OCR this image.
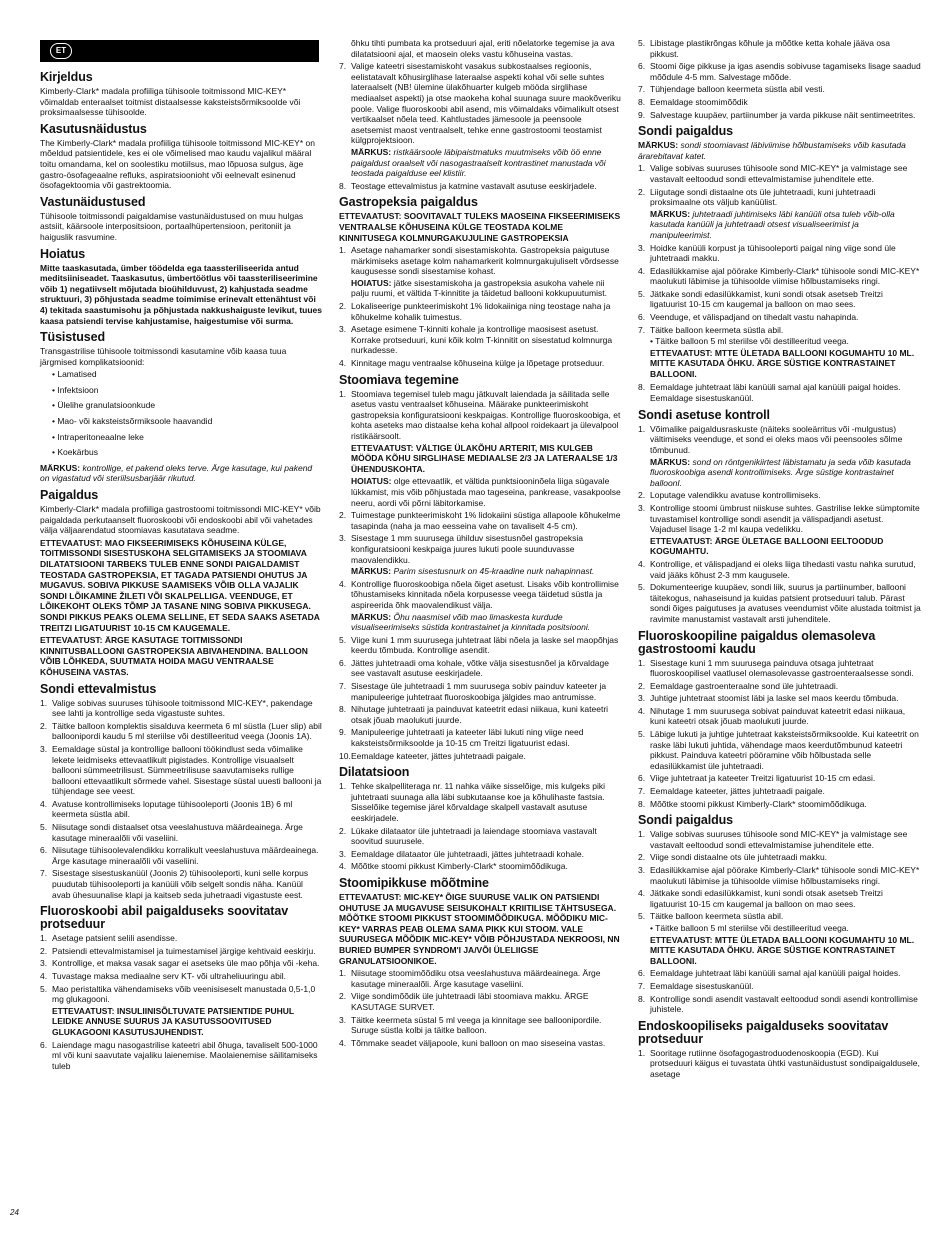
ET
Kirjeldus

Kimberly-Clark* madala profiiliga tühisoole toitmissond MIC-KEY* võimaldab enteraalset toitmist distaalsesse kaksteistsõrmiksoolde või proksimaalsesse tühisoolde.

Kasutusnäidustus

The Kimberly-Clark* madala profiiliga tühisoole toitmissond MIC-KEY* on mõeldud patsientidele, kes ei ole võimelised mao kaudu vajalikul määral toitu omandama, kel on soolestiku motiilsus, mao lõpuosa sulgus, äge gastro-ösofageaalne refluks, aspiratsioonioht või eelnevalt esinenud ösofagektoomia või gastrektoomia.

Vastunäidustused

Tühisoole toitmissondi paigaldamise vastunäidustused on muu hulgas astsiit, käärsoole interpositsioon, portaalhüpertensioon, peritoniit ja haiguslik rasvumine.

Hoiatus

Mitte taaskasutada, ümber töödelda ega taassteriliseerida antud meditsiiniseadet. Taaskasutus, ümbertöötlus või taassteriliseerimine võib 1) negatiivselt mõjutada bioühilduvust, 2) kahjustada seadme struktuuri, 3) põhjustada seadme toimimise erinevalt ettenähtust või 4) tekitada saastumisohu ja põhjustada nakkushaiguste levikut, tuues kaasa patsiendi tervise kahjustamise, haigestumise või surma.

Tüsistused

Transgastrilise tühisoole toitmissondi kasutamine võib kaasa tuua järgmised komplikatsioonid:

• Lamatised
• Infektsioon
• Ülelihe granulatsioonkude
• Mao- või kaksteistsõrmiksoole haavandid
• Intraperitoneaalne leke
• Koekärbus

MÄRKUS: kontrollige, et pakend oleks terve. Ärge kasutage, kui pakend on vigastatud või steriilsusbarjäär rikutud.

Paigaldus

Kimberly-Clark* madala profiiliga gastrostoomi toitmissondi MIC-KEY* võib paigaldada perkutaanselt fluoroskoobi või endoskoobi abil või vahetades välja väljaarendatud stoomiavas kasutatava seadme.

ETTEVAATUST: MAO FIKSEERIMISEKS KÕHUSEINA KÜLGE, TOITMISSONDI SISESTUSKOHA SELGITAMISEKS JA STOOMIAVA DILATATSIOONI TARBEKS TULEB ENNE SONDI PAIGALDAMIST TEOSTADA GASTROPEKSIA, ET TAGADA PATSIENDI OHUTUS JA MUGAVUS. SOBIVA PIKKUSE SAAMISEKS VÕIB OLLA VAJALIK SONDI LÕIKAMINE ŽILETI VÕI SKALPELLIGA. VEENDUGE, ET LÕIKEKOHT OLEKS TÕMP JA TASANE NING SOBIVA PIKKUSEGA. SONDI PIKKUS PEAKS OLEMA SELLINE, ET SEDA SAAKS ASETADA TREITZI LIGATUURIST 10-15 CM KAUGEMALE.

ETTEVAATUST: ÄRGE KASUTAGE TOITMISSONDI KINNITUSBALLOONI GASTROPEKSIA ABIVAHENDINA. BALLOON VÕIB LÕHKEDA, SUUTMATA HOIDA MAGU VENTRAALSE KÕHUSEINA VASTAS.

Sondi ettevalmistus
1. Valige sobivas suuruses tühisoole toitmissond MIC-KEY*, pakendage see lahti ja kontrollige seda vigastuste suhtes.
2. Täitke balloon komplektis sisalduva keermeta 6 ml süstla (Luer slip) abil balloonipordi kaudu 5 ml steriilse või destilleeritud veega (Joonis 1A).
3. Eemaldage süstal ja kontrollige ballooni töökindlust seda võimalike lekete leidmiseks ettevaatlikult pigistades. Kontrollige visuaalselt ballooni sümmeetrilisust. Sümmeetrilisuse saavutamiseks rullige ballooni ettevaatlikult sõrmede vahel. Sisestage süstal uuesti ballooni ja tühjendage see veest.
4. Avatuse kontrollimiseks loputage tühisooleporti (Joonis 1B) 6 ml keermeta süstla abil.
5. Niisutage sondi distaalset otsa veeslahustuva määrdeainega. Ärge kasutage mineraalõli või vaseliini.
6. Niisutage tühisoolevalendikku korralikult veeslahustuva määrdeainega. Ärge kasutage mineraalõli või vaseliini.
7. Sisestage sisestuskanüül (Joonis 2) tühisooleporti, kuni selle korpus puudutab tühisooleporti ja kanüüli võib selgelt sondis näha. Kanüül avab ühesuunalise klapi ja kaitseb seda juhetraadi vigastuste eest.
Fluoroskoobi abil paigalduseks soovitatav protseduur
1. Asetage patsient selili asendisse.
2. Patsiendi ettevalmistamisel ja tuimestamisel järgige kehtivaid eeskirju.
3. Kontrollige, et maksa vasak sagar ei asetseks üle mao põhja või -keha.
4. Tuvastage maksa mediaalne serv KT- või ultraheliuuringu abil.
5. Mao peristaltika vähendamiseks võib veenisiseselt manustada 0,5-1,0 mg glukagooni.
ETTEVAATUST: INSULIINISÕLTUVATE PATSIENTIDE PUHUL LEIDKE ANNUSE SUURUS JA KASUTUSSOOVITUSED GLUKAGOONI KASUTUSJUHENDIST.
6. Laiendage magu nasogastrilise kateetri abil õhuga, tavaliselt 500-1000 ml või kuni saavutate vajaliku laienemise. Maolaienemise säilitamiseks tuleb
õhku tihti pumbata ka protseduuri ajal, eriti nõelatorke tegemise ja ava dilatatsiooni ajal, et maosein oleks vastu kõhuseina vastas.
7. Valige kateetri sisestamiskoht vasakus subkostaalses regioonis, eelistatavalt kõhusirglihase lateraalse aspekti kohal või selle suhtes lateraalselt (NB! ülemine ülakõhuarter kulgeb mööda sirglihase mediaalset aspekti) ja otse maokeha kohal suunaga suure maokõveriku poole. Valige fluoroskoobi abil asend, mis võimaldaks võimalikult otsest vertikaalset nõela teed. Kahtlustades jämesoole ja peensoole asetsemist maost ventraalselt, tehke enne gastrostoomi teostamist külgprojektsioon.
MÄRKUS: ristkäärsoole läbipaistmatuks muutmiseks võib öö enne paigaldust oraalselt või nasogastraalselt kontrastinet manustada või teostada paigalduse eel klistiir.
8. Teostage ettevalmistus ja katmine vastavalt asutuse eeskirjadele.
Gastropeksia paigaldus

ETTEVAATUST: SOOVITAVALT TULEKS MAOSEINA FIKSEERIMISEKS VENTRAALSE KÕHUSEINA KÜLGE TEOSTADA KOLME KINNITUSEGA KOLMNURGAKUJULINE GASTROPEKSIA

1. Asetage nahamarker sondi sisestamiskohta. Gastropeksia paigutuse märkimiseks asetage kolm nahamarkerit kolmnurgakujuliselt võrdsesse kaugusesse sondi sisestamise kohast.
HOIATUS: jätke sisestamiskoha ja gastropeksia asukoha vahele nii palju ruumi, et vältida T-kinnitite ja täidetud ballooni kokkupuutumist.
2. Lokaliseerige punkteerimiskoht 1% lidokaiiniga ning teostage naha ja kõhukelme kohalik tuimestus.
3. Asetage esimene T-kinniti kohale ja kontrollige maosisest asetust. Korrake protseduuri, kuni kõik kolm T-kinnitit on sisestatud kolmnurga nurkadesse.
4. Kinnitage magu ventraalse kõhuseina külge ja lõpetage protseduur.
Stoomiava tegemine
1. Stoomiava tegemisel tuleb magu jätkuvalt laiendada ja säilitada selle asetus vastu ventraalset kõhuseina. Määrake punkteerimiskoht gastropeksia konfiguratsiooni keskpaigas. Kontrollige fluoroskoobiga, et kohta aseteks mao distaalse keha kohal allpool roidekaart ja ülevalpool ristikäärsoolt.
ETTEVAATUST: VÄLTIGE ÜLAKÕHU ARTERIT, MIS KULGEB MÖÖDA KÕHU SIRGLIHASE MEDIAALSE 2/3 JA LATERAALSE 1/3 ÜHENDUSKOHTA.
HOIATUS: olge ettevaatlik, et vältida punktsiooninõela liiga sügavale lükkamist, mis võib põhjustada mao tageseina, pankrease, vasakpoolse neeru, aordi või põrni läbitorkamise.
2. Tuimestage punkteerimiskoht 1% lidokaiini süstiga allapoole kõhukelme tasapinda (naha ja mao eesseina vahe on tavaliselt 4-5 cm).
3. Sisestage 1 mm suurusega ühilduv sisestusnõel gastropeksia konfiguratsiooni keskpaiga juures lukuti poole suunduvasse maovalendikku.
MÄRKUS: Parim sisestusnurk on 45-kraadine nurk nahapinnast.
4. Kontrollige fluoroskoobiga nõela õiget asetust. Lisaks võib kontrollimise tõhustamiseks kinnitada nõela korpusesse veega täidetud süstla ja aspireerida õhk maovalendikust välja.
MÄRKUS: Õhu naasmisel võib mao limaskesta kurdude visualiseerimiseks süstida kontrastainet ja kinnitada positsiooni.
5. Viige kuni 1 mm suurusega juhtetraat läbi nõela ja laske sel maopõhjas keerdu tõmbuda. Kontrollige asendit.
6. Jättes juhtetraadi oma kohale, võtke välja sisestusnõel ja kõrvaldage see vastavalt asutuse eeskirjadele.
7. Sisestage üle juhtetraadi 1 mm suurusega sobiv painduv kateeter ja manipuleerige juhtetraat fluoroskoobiga jälgides mao antrumisse.
8. Nihutage juhtetraati ja painduvat kateetrit edasi niikaua, kuni kateetri otsak jõuab maolukuti juurde.
9. Manipuleerige juhtetraati ja kateeter läbi lukuti ning viige need kaksteistsõrmiksoolde ja 10-15 cm Treitzi ligatuurist edasi.
10. Eemaldage kateeter, jättes juhtetraadi paigale.
Dilatatsioon
1. Tehke skalpelliteraga nr. 11 nahka väike sisselõige, mis kulgeks piki juhtetraati suunaga alla läbi subkutaanse koe ja kõhulihaste fastsia. Sisselõike tegemise järel kõrvaldage skalpell vastavalt asutuse eeskirjadele.
2. Lükake dilataator üle juhtetraadi ja laiendage stoomiava vastavalt soovitud suurusele.
3. Eemaldage dilataator üle juhtetraadi, jättes juhtetraadi kohale.
4. Mõõtke stoomi pikkust Kimberly-Clark* stoomimõõdikuga.
Stoomipikkuse mõõtmine

ETTEVAATUST: MIC-KEY* ÕIGE SUURUSE VALIK ON PATSIENDI OHUTUSE JA MUGAVUSE SEISUKOHALT KRIITILISE TÄHTSUSEGA. MÕÕTKE STOOMI PIKKUST STOOMIMÕÕDIKUGA. MÕÕDIKU MIC-KEY* VARRAS PEAB OLEMA SAMA PIKK KUI STOOM. VALE SUURUSEGA MÕÕDIK MIC-KEY* VÕIB PÕHJUSTADA NEKROOSI, NN BURIED BUMPER SYNDROM'I JA/VÕI ÜLELIIGSE GRANULATSIOONIKOE.

1. Niisutage stoomimõõdiku otsa veeslahustuva määrdeainega. Ärge kasutage mineraalõli. Ärge kasutage vaseliini.
2. Viige sondimõõdik üle juhtetraadi läbi stoomiava makku. ÄRGE KASUTAGE SURVET.
3. Täitke keermeta süstal 5 ml veega ja kinnitage see balloonipordile. Suruge süstla kolbi ja täitke balloon.
4. Tõmmake seadet väljapoole, kuni balloon on mao siseseina vastas.
5. Libistage plastikrõngas kõhule ja mõõtke ketta kohale jääva osa pikkust.
6. Stoomi õige pikkuse ja igas asendis sobivuse tagamiseks lisage saadud mõõdule 4-5 mm. Salvestage mõõde.
7. Tühjendage balloon keermeta süstla abil vesti.
8. Eemaldage stoomimõõdik
9. Salvestage kuupäev, partiinumber ja varda pikkuse näit sentimeetrites.
Sondi paigaldus

MÄRKUS: sondi stoomiavast läbiviimise hõlbustamiseks võib kasutada ärarebitavat katet.

1. Valige sobivas suuruses tühisoole sond MIC-KEY* ja valmistage see vastavalt eeltoodud sondi ettevalmistamise juhenditele ette.
2. Liigutage sondi distaalne ots üle juhtetraadi, kuni juhtetraadi proksimaalne ots väljub kanüülist.
MÄRKUS: juhtetraadi juhtimiseks läbi kanüüli otsa tuleb võib-olla kasutada kanüüli ja juhtetraadi otsest visualiseerimist ja manipuleerimist.
3. Hoidke kanüüli korpust ja tühisooleporti paigal ning viige sond üle juhtetraadi makku.
4. Edasilükkamise ajal pöörake Kimberly-Clark* tühisoole sondi MIC-KEY* maolukuti läbimise ja tühisoolde viimise hõlbustamiseks ringi.
5. Jätkake sondi edasilükkamist, kuni sondi otsak asetseb Treitzi ligatuurist 10-15 cm kaugemal ja balloon on mao sees.
6. Veenduge, et välispadjand on tihedalt vastu nahapinda.
7. Täitke balloon keermeta süstla abil.
• Täitke balloon 5 ml steriilse või destilleeritud veega.
ETTEVAATUST: MTTE ÜLETADA BALLOONI KOGUMAHTU 10 ML. MITTE KASUTADA ÕHKU. ÄRGE SÜSTIGE KONTRASTAINET BALLOONI.
8. Eemaldage juhtetraat läbi kanüüli samal ajal kanüüli paigal hoides.
Eemaldage sisestuskanüül.
Sondi asetuse kontroll
1. Võimalike paigaldusraskuste (näiteks sooleärritus või -mulgustus) vältimiseks veenduge, et sond ei oleks maos või peensooles sõlme tõmbunud.
MÄRKUS: sond on röntgenikiirtest läbistamatu ja seda võib kasutada fluoroskoobiga asendi kontrollimiseks. Ärge süstige kontrastainet balloonI.
2. Loputage valendikku avatuse kontrollimiseks.
3. Kontrollige stoomi ümbrust niiskuse suhtes. Gastrilise lekke sümptomite tuvastamisel kontrollige sondi asendit ja välispadjandi asetust. Vajadusel lisage 1-2 ml kaupa vedelikku.
ETTEVAATUST: ÄRGE ÜLETAGE BALLOONI EELTOODUD KOGUMAHTU.
4. Kontrollige, et välispadjand ei oleks liiga tihedasti vastu nahka surutud, vaid jääks kõhust 2-3 mm kaugusele.
5. Dokumenteerige kuupäev, sondi liik, suurus ja partiinumber, ballooni täitekogus, nahaseisund ja kuidas patsient protseduuri talub. Pärast sondi õiges paigutuses ja avatuses veendumist võite alustada toitmist ja ravimite manustamist vastavalt arsti juhenditele.
Fluoroskoopiline paigaldus olemasoleva gastrostoomi kaudu
1. Sisestage kuni 1 mm suurusega painduva otsaga juhtetraat fluoroskoopilisel vaatlusel olemasolevasse gastroenteraalsesse sondi.
2. Eemaldage gastroenteraalne sond üle juhtetraadi.
3. Juhtige juhtetraat stoomist läbi ja laske sel maos keerdu tõmbuda.
4. Nihutage 1 mm suurusega sobivat painduvat kateetrit edasi niikaua, kuni kateetri otsak jõuab maolukuti juurde.
5. Läbige lukuti ja juhtige juhtetraat kaksteistsõrmiksoolde. Kui kateetrit on raske läbi lukuti juhtida, vähendage maos keerdutõmbunud kateetri pikkust. Painduva kateetri pööramine võib hõlbustada selle edasilükkamist üle juhtetraadi.
6. Viige juhtetraat ja kateeter Treitzi ligatuurist 10-15 cm edasi.
7. Eemaldage kateeter, jättes juhtetraadi paigale.
8. Mõõtke stoomi pikkust Kimberly-Clark* stoomimõõdikuga.
Sondi paigaldus
1. Valige sobivas suuruses tühisoole sond MIC-KEY* ja valmistage see vastavalt eeltoodud sondi ettevalmistamise juhenditele ette.
2. Viige sondi distaalne ots üle juhtetraadi makku.
3. Edasilükkamise ajal pöörake Kimberly-Clark* tühisoole sondi MIC-KEY* maolukuti läbimise ja tühisoolde viimise hõlbustamiseks ringi.
4. Jätkake sondi edasilükkamist, kuni sondi otsak asetseb Treitzi ligatuurist 10-15 cm kaugemal ja balloon on mao sees.
5. Täitke balloon keermeta süstla abil.
• Täitke balloon 5 ml steriilse või destilleeritud veega.
ETTEVAATUST: MTTE ÜLETADA BALLOONI KOGUMAHTU 10 ML. MITTE KASUTADA ÕHKU. ÄRGE SÜSTIGE KONTRASTAINET BALLOONI.
6. Eemaldage juhtetraat läbi kanüüli samal ajal kanüüli paigal hoides.
7. Eemaldage sisestuskanüül.
8. Kontrollige sondi asendit vastavalt eeltoodud sondi asendi kontrollimise juhistele.
Endoskoopiliseks paigalduseks soovitatav protseduur
1. Sooritage rutiinne ösofagogastroduodenoskoopia (EGD). Kui protseduuri käigus ei tuvastata ühtki vastunäidustust sondipaigaldusele, asetage
24
